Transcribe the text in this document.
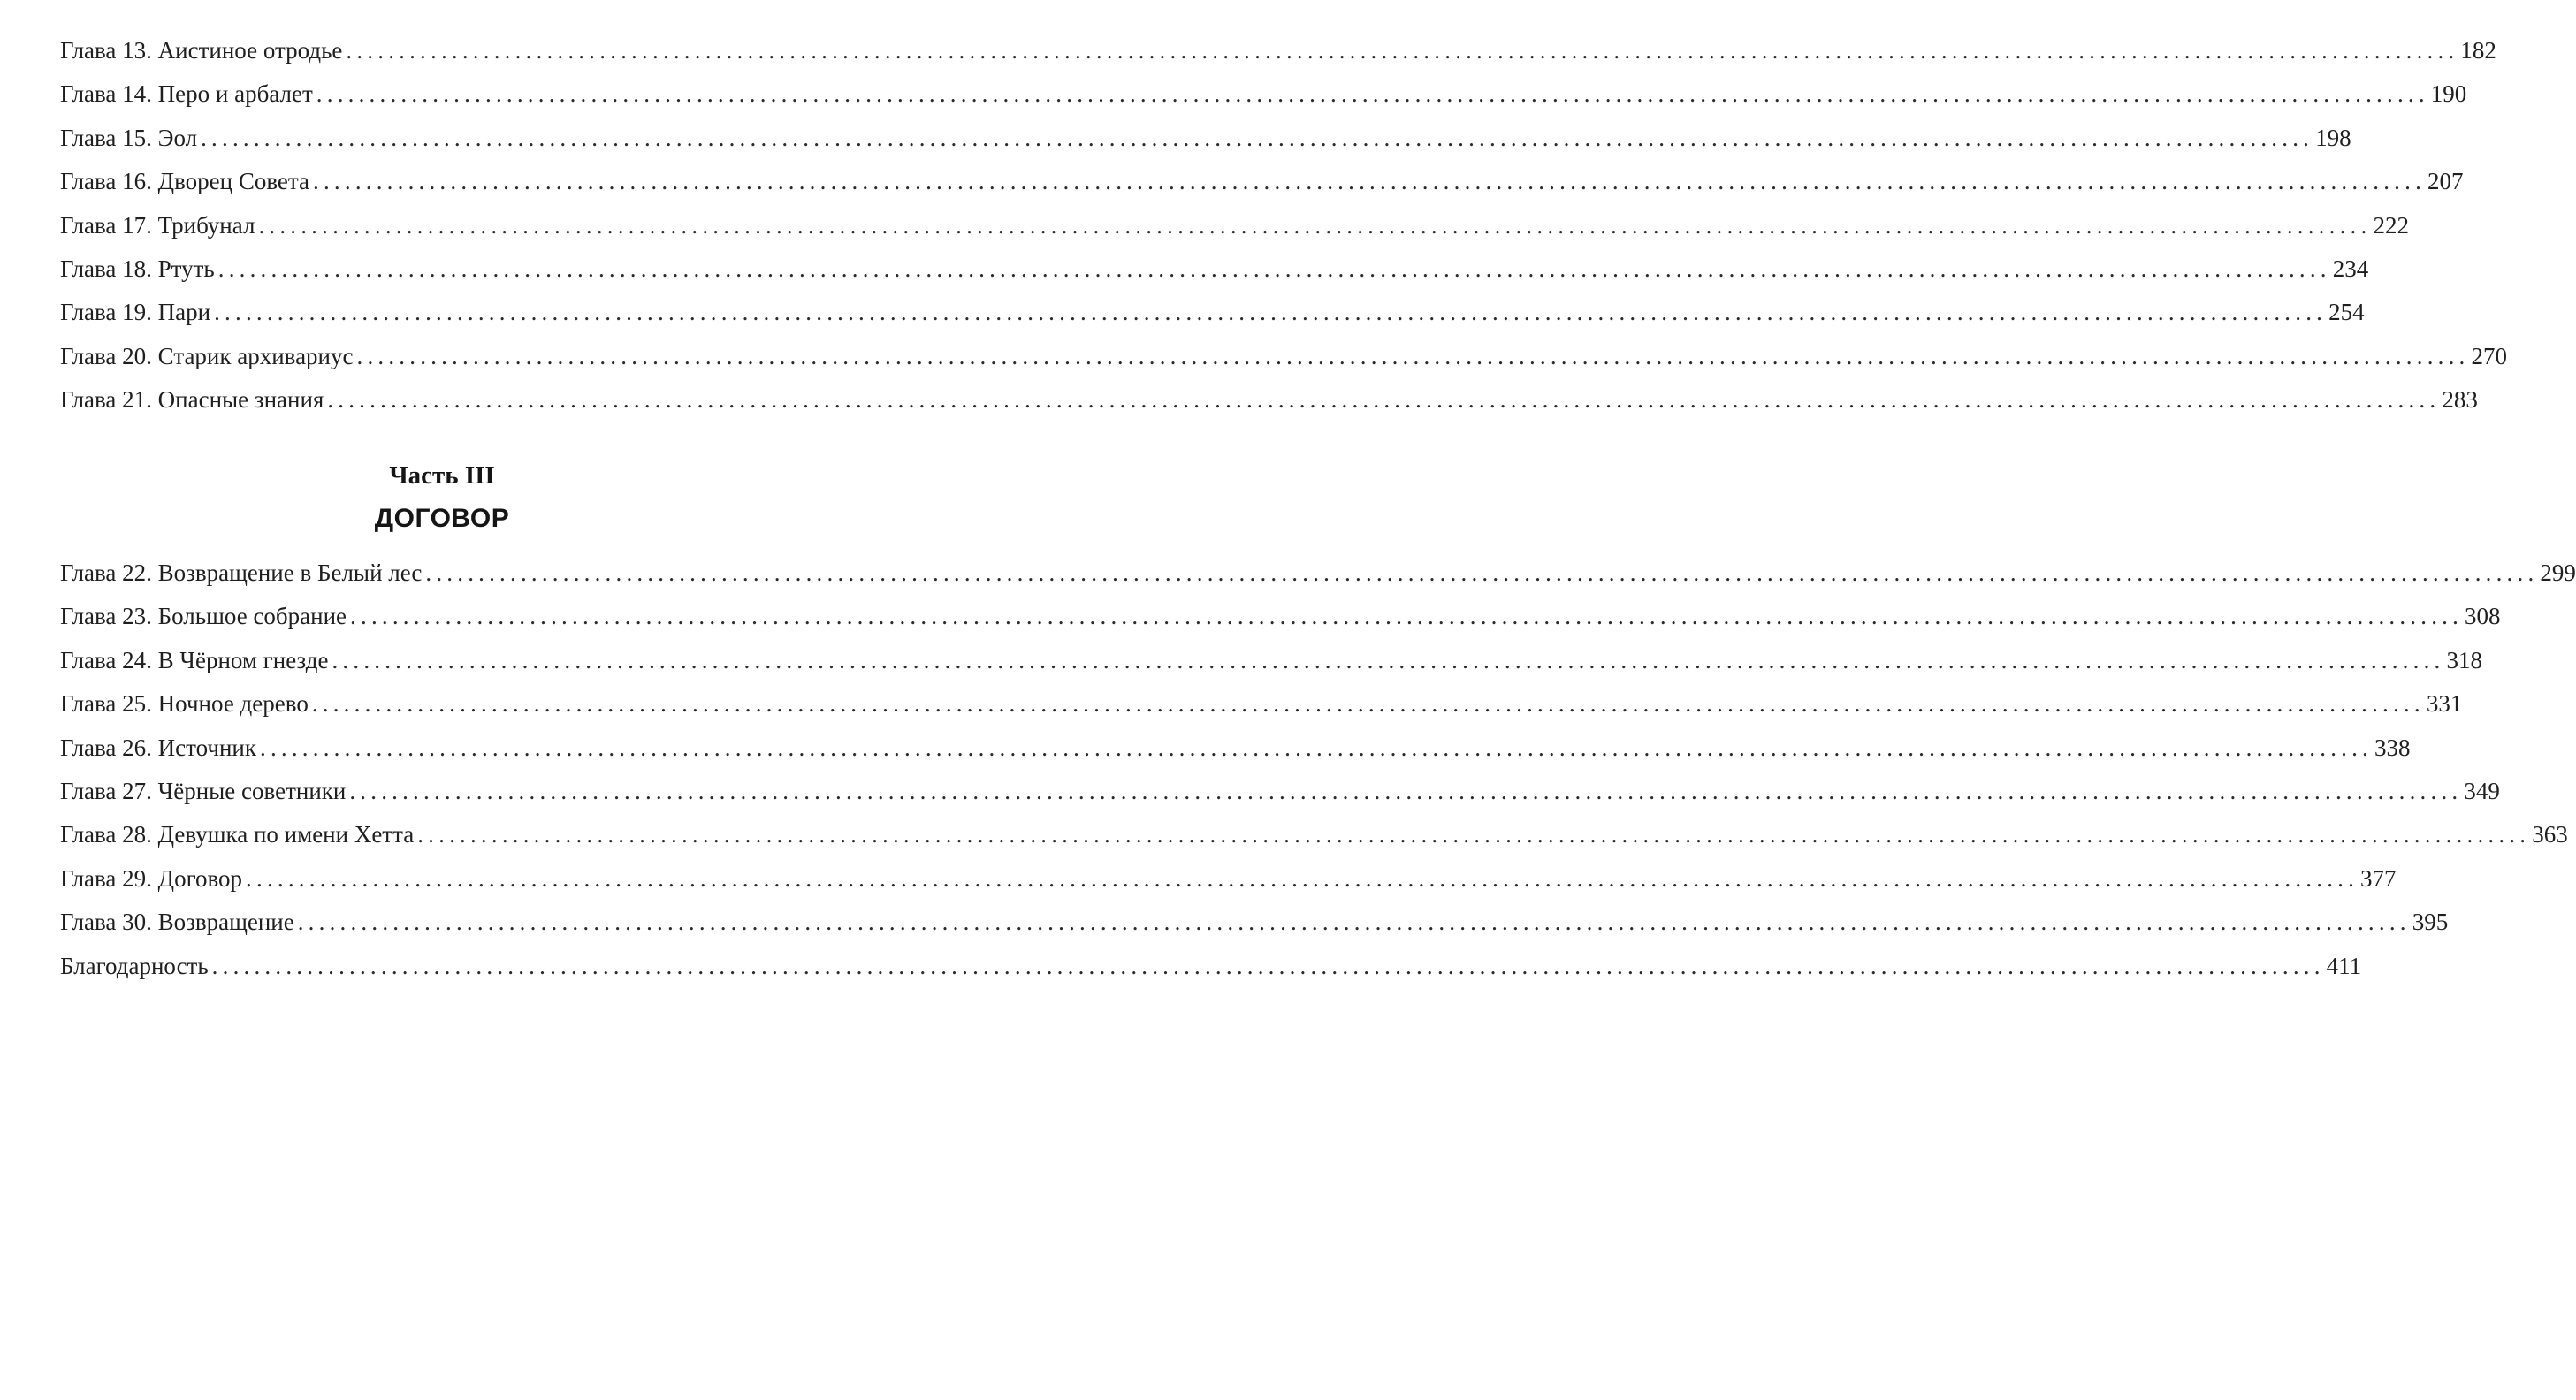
Глава 13. Аистиное отродье ........................................................................................................................................................................................................ 182
Глава 14. Перо и арбалет ........................................................................................................................................................................................................ 190
Глава 15. Эол ........................................................................................................................................................................................................ 198
Глава 16. Дворец Совета ........................................................................................................................................................................................................ 207
Глава 17. Трибунал ........................................................................................................................................................................................................ 222
Глава 18. Ртуть ........................................................................................................................................................................................................ 234
Глава 19. Пари ........................................................................................................................................................................................................ 254
Глава 20. Старик архивариус ........................................................................................................................................................................................................ 270
Глава 21. Опасные знания ........................................................................................................................................................................................................ 283
Часть III
ДОГОВОР
Глава 22. Возвращение в Белый лес ........................................................................................................................................................................................................ 299
Глава 23. Большое собрание ........................................................................................................................................................................................................ 308
Глава 24. В Чёрном гнезде ........................................................................................................................................................................................................ 318
Глава 25. Ночное дерево ........................................................................................................................................................................................................ 331
Глава 26. Источник ........................................................................................................................................................................................................ 338
Глава 27. Чёрные советники ........................................................................................................................................................................................................ 349
Глава 28. Девушка по имени Хетта ........................................................................................................................................................................................................ 363
Глава 29. Договор ........................................................................................................................................................................................................ 377
Глава 30. Возвращение ........................................................................................................................................................................................................ 395
Благодарность ........................................................................................................................................................................................................ 411
